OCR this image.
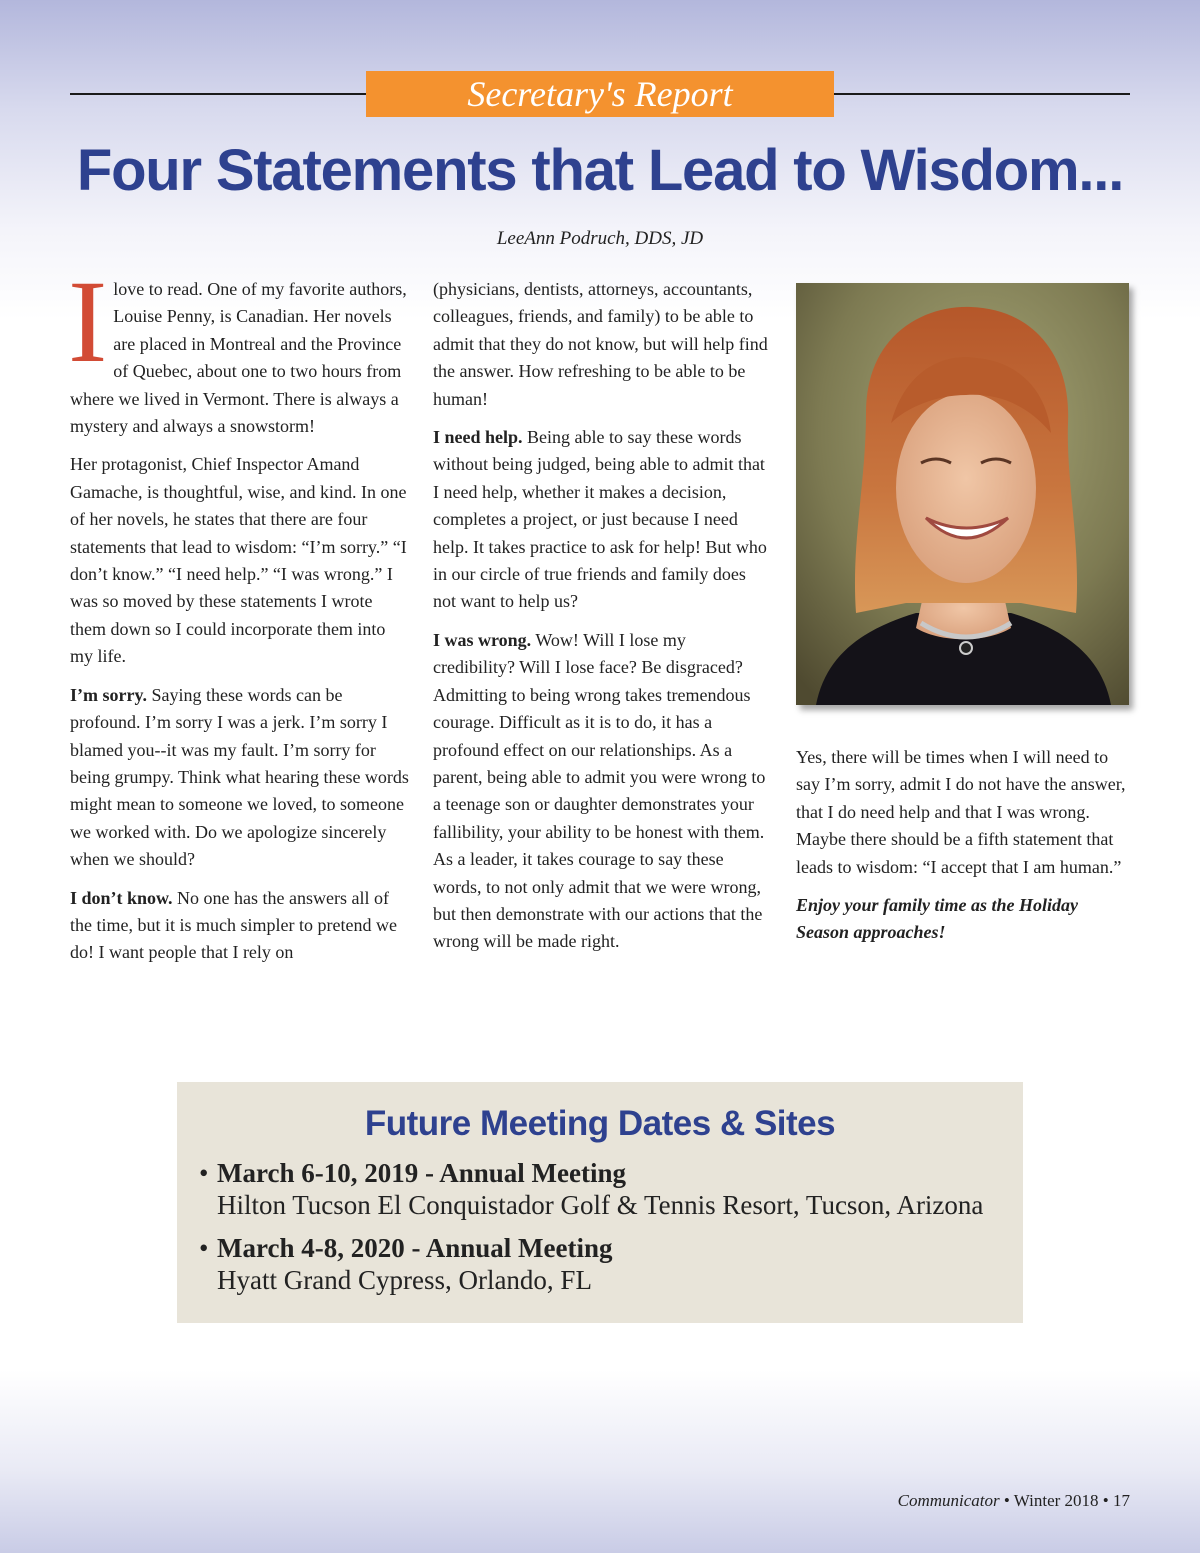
Secretary's Report
Four Statements that Lead to Wisdom...
LeeAnn Podruch, DDS, JD

Ilove to read. One of my favorite authors, Louise Penny, is Canadian. Her novels are placed in Montreal and the Province of Quebec, about one to two hours from where we lived in Vermont. There is always a mystery and always a snowstorm!

Her protagonist, Chief Inspector Amand Gamache, is thoughtful, wise, and kind. In one of her novels, he states that there are four statements that lead to wisdom: “I’m sorry.” “I don’t know.” “I need help.” “I was wrong.” I was so moved by these statements I wrote them down so I could incorporate them into my life.

I’m sorry. Saying these words can be profound. I’m sorry I was a jerk. I’m sorry I blamed you--it was my fault. I’m sorry for being grumpy. Think what hearing these words might mean to someone we loved, to someone we worked with. Do we apologize sincerely when we should?

I don’t know. No one has the answers all of the time, but it is much simpler to pretend we do! I want people that I rely on

(physicians, dentists, attorneys, accountants, colleagues, friends, and family) to be able to admit that they do not know, but will help find the answer. How refreshing to be able to be human!

I need help. Being able to say these words without being judged, being able to admit that I need help, whether it makes a decision, completes a project, or just because I need help. It takes practice to ask for help! But who in our circle of true friends and family does not want to help us?

I was wrong. Wow! Will I lose my credibility? Will I lose face? Be disgraced? Admitting to being wrong takes tremendous courage. Difficult as it is to do, it has a profound effect on our relationships. As a parent, being able to admit you were wrong to a teenage son or daughter demonstrates your fallibility, your ability to be honest with them. As a leader, it takes courage to say these words, to not only admit that we were wrong, but then demonstrate with our actions that the wrong will be made right.

Yes, there will be times when I will need to say I’m sorry, admit I do not have the answer, that I do need help and that I was wrong. Maybe there should be a fifth statement that leads to wisdom: “I accept that I am human.”

Enjoy your family time as the Holiday Season approaches!

Future Meeting Dates & Sites
• March 6-10, 2019 - Annual Meeting
Hilton Tucson El Conquistador Golf & Tennis Resort, Tucson, Arizona
• March 4-8, 2020 - Annual Meeting
Hyatt Grand Cypress, Orlando, FL
Communicator • Winter 2018 • 17
